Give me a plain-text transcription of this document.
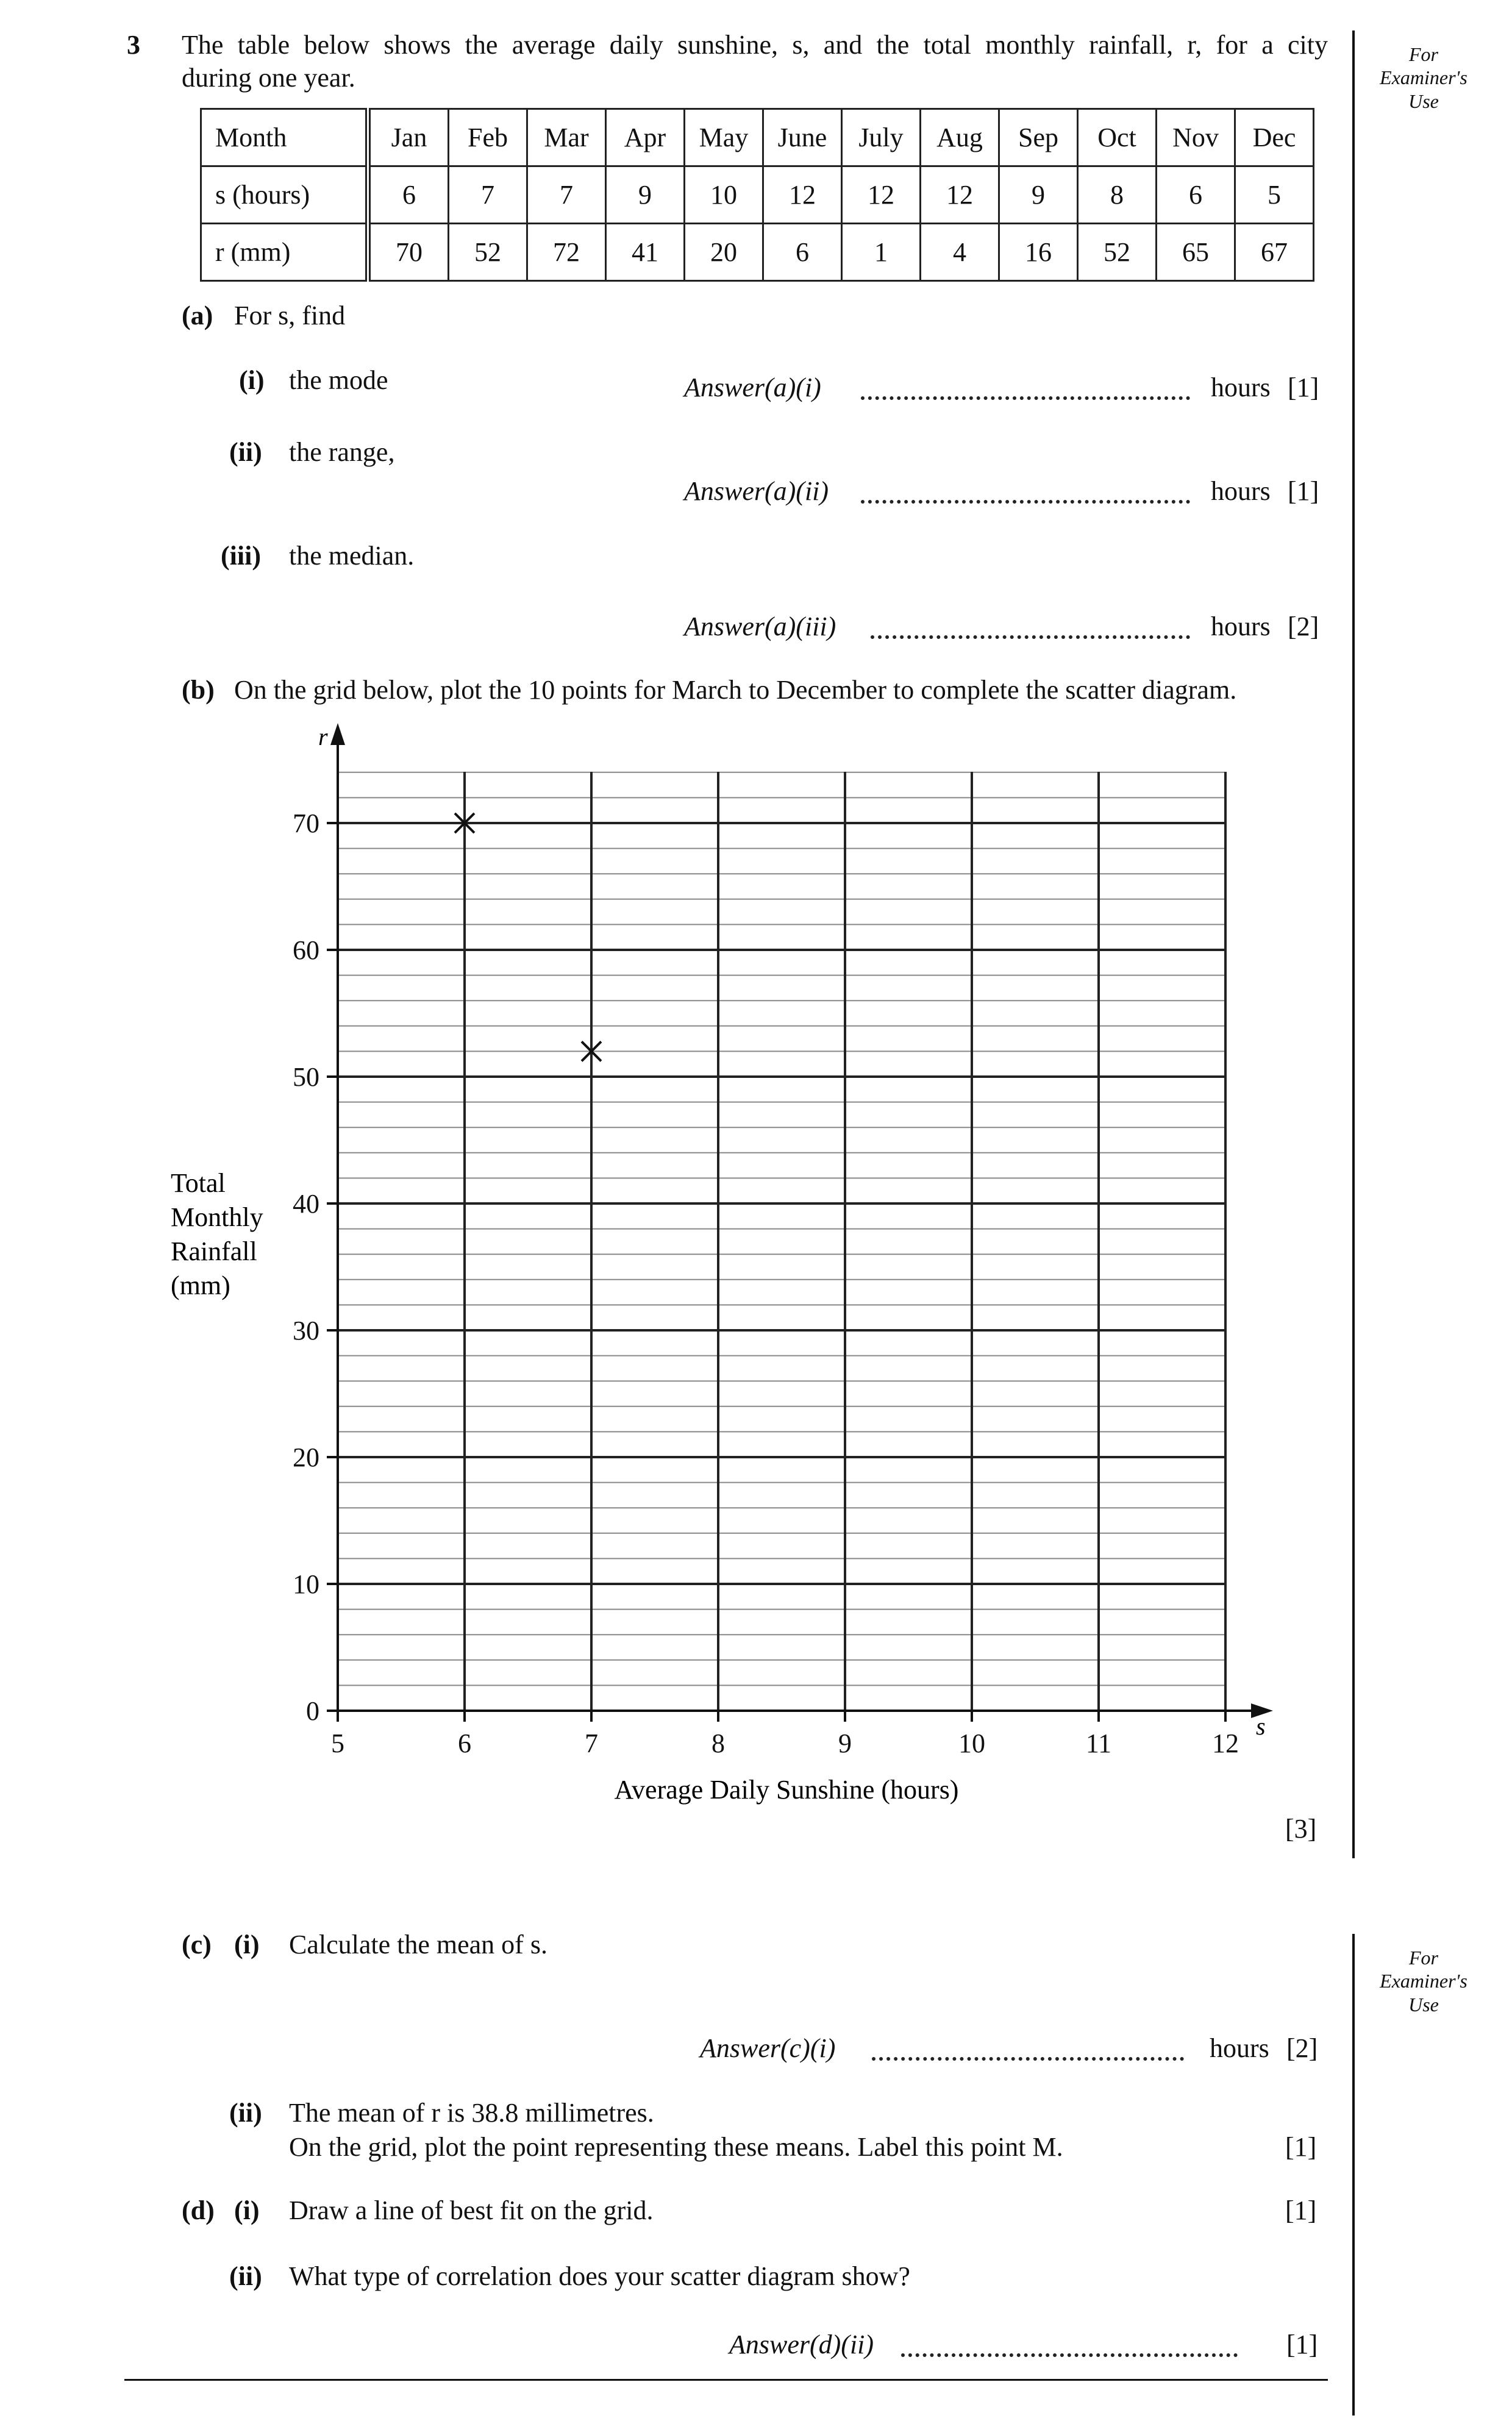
3 The table below shows the average daily sunshine, s, and the total monthly rainfall, r, for a city
during one year.
For
Examiner's
Use
Month	Jan	Feb	Mar	Apr	May	June	July	Aug	Sep	Oct	Nov	Dec
s (hours)	6	7	7	9	10	12	12	12	9	8	6	5
r (mm)	70	52	72	41	20	6	1	4	16	52	65	67
(a) For s, find
(i) the mode	Answer(a)(i)	hours [1]
(ii) the range,
Answer(a)(ii)	hours [1]
(iii) the median.
Answer(a)(iii)	hours [2]
(b) On the grid below, plot the 10 points for March to December to complete the scatter diagram.
0
10
20
30
40
50
60
70
5	6	7	8	9	10	11	12
r
s
Average Daily Sunshine (hours)
Total
Monthly
Rainfall
(mm)
[3]
For
Examiner's
Use
(c) (i) Calculate the mean of s.
Answer(c)(i)	hours [2]
(ii) The mean of r is 38.8 millimetres.
On the grid, plot the point representing these means. Label this point M.	[1]
(d) (i) Draw a line of best fit on the grid.	[1]
(ii) What type of correlation does your scatter diagram show?
Answer(d)(ii)	[1]
